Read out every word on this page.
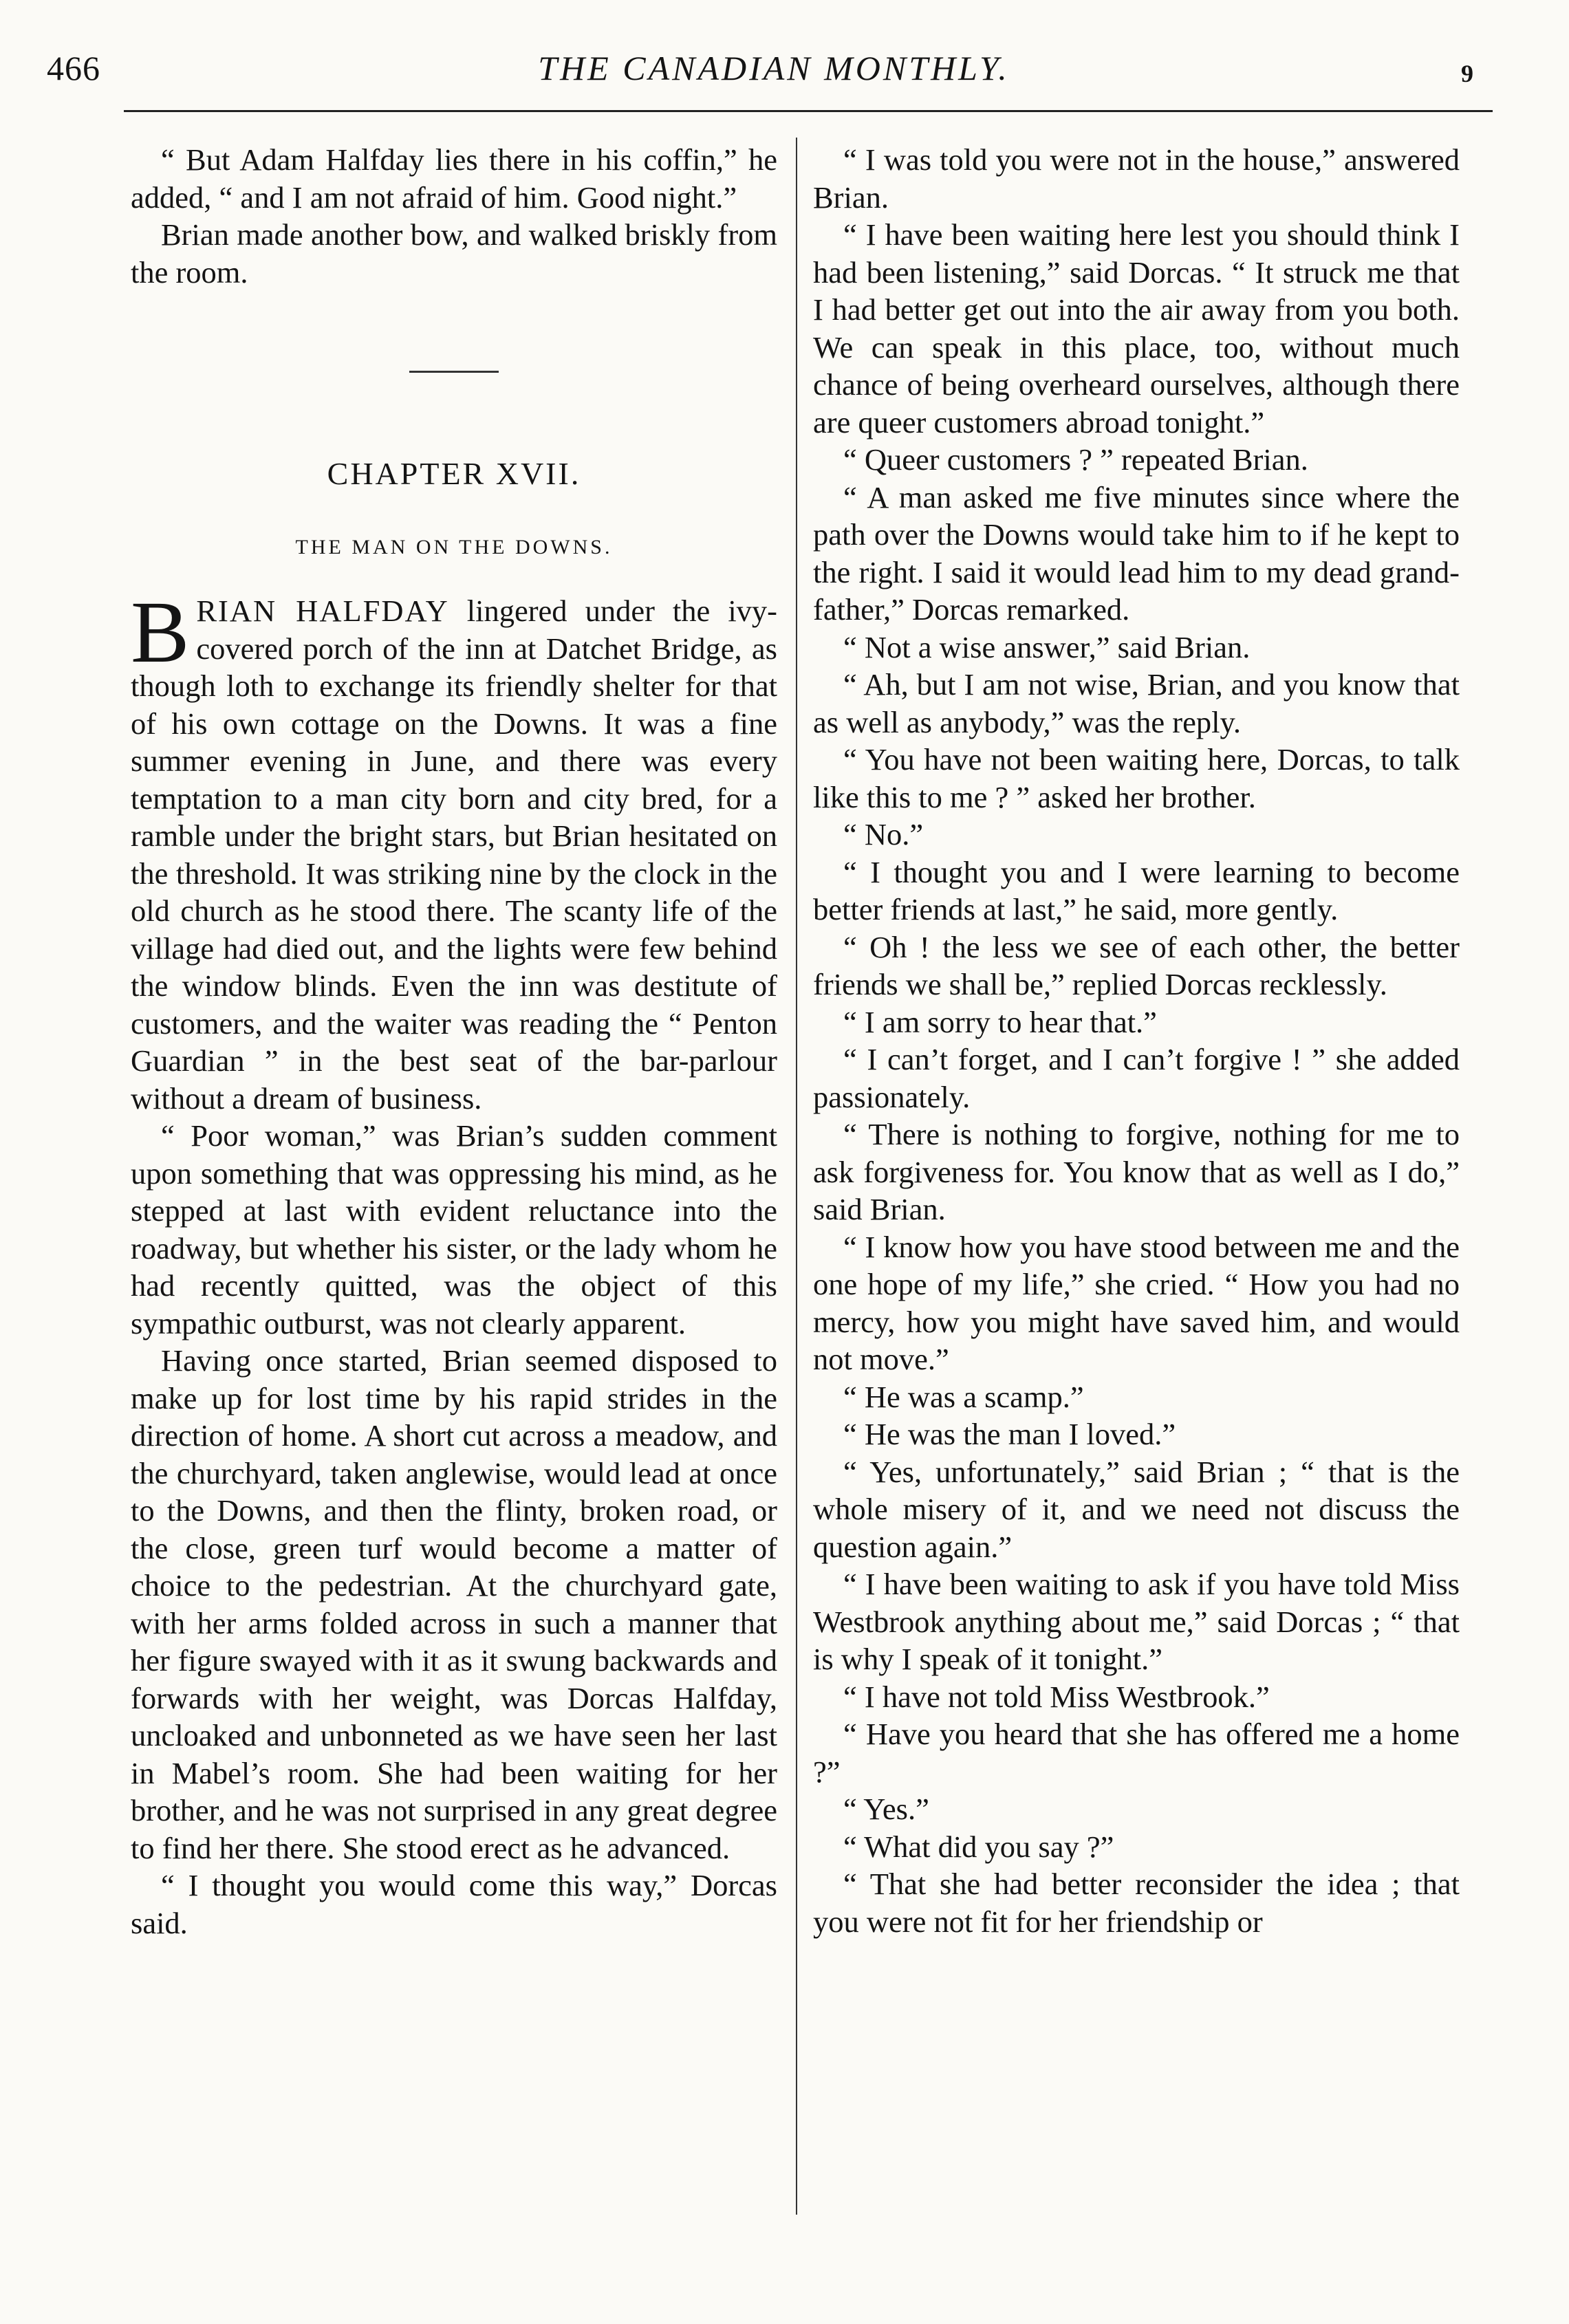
466	THE CANADIAN MONTHLY.	9

“ But Adam Halfday lies there in his coffin,” he added, “ and I am not afraid of him. Good night.”

Brian made another bow, and walked briskly from the room.

CHAPTER XVII.
THE MAN ON THE DOWNS.

BRIAN HALFDAY lingered under the ivy-covered porch of the inn at Datchet Bridge, as though loth to exchange its friendly shelter for that of his own cottage on the Downs. It was a fine summer evening in June, and there was every temptation to a man city born and city bred, for a ramble under the bright stars, but Brian hesitated on the threshold. It was striking nine by the clock in the old church as he stood there. The scanty life of the village had died out, and the lights were few behind the window blinds. Even the inn was destitute of customers, and the waiter was reading the “ Penton Guardian ” in the best seat of the bar-parlour without a dream of business.

“ Poor woman,” was Brian’s sudden comment upon something that was oppressing his mind, as he stepped at last with evident reluctance into the roadway, but whether his sister, or the lady whom he had recently quitted, was the object of this sympathic outburst, was not clearly apparent.

Having once started, Brian seemed disposed to make up for lost time by his rapid strides in the direction of home. A short cut across a meadow, and the churchyard, taken anglewise, would lead at once to the Downs, and then the flinty, broken road, or the close, green turf would become a matter of choice to the pedestrian. At the churchyard gate, with her arms folded across in such a manner that her figure swayed with it as it swung backwards and forwards with her weight, was Dorcas Halfday, uncloaked and unbonneted as we have seen her last in Mabel’s room. She had been waiting for her brother, and he was not surprised in any great degree to find her there. She stood erect as he advanced.

“ I thought you would come this way,” Dorcas said.

“ I was told you were not in the house,” answered Brian.

“ I have been waiting here lest you should think I had been listening,” said Dorcas. “ It struck me that I had better get out into the air away from you both. We can speak in this place, too, without much chance of being overheard ourselves, although there are queer customers abroad tonight.”

“ Queer customers ? ” repeated Brian.

“ A man asked me five minutes since where the path over the Downs would take him to if he kept to the right. I said it would lead him to my dead grandfather,” Dorcas remarked.

“ Not a wise answer,” said Brian.

“ Ah, but I am not wise, Brian, and you know that as well as anybody,” was the reply.

“ You have not been waiting here, Dorcas, to talk like this to me ? ” asked her brother.

“ No.”

“ I thought you and I were learning to become better friends at last,” he said, more gently.

“ Oh ! the less we see of each other, the better friends we shall be,” replied Dorcas recklessly.

“ I am sorry to hear that.”

“ I can’t forget, and I can’t forgive ! ” she added passionately.

“ There is nothing to forgive, nothing for me to ask forgiveness for. You know that as well as I do,” said Brian.

“ I know how you have stood between me and the one hope of my life,” she cried. “ How you had no mercy, how you might have saved him, and would not move.”

“ He was a scamp.”

“ He was the man I loved.”

“ Yes, unfortunately,” said Brian ; “ that is the whole misery of it, and we need not discuss the question again.”

“ I have been waiting to ask if you have told Miss Westbrook anything about me,” said Dorcas ; “ that is why I speak of it tonight.”

“ I have not told Miss Westbrook.”

“ Have you heard that she has offered me a home ?”

“ Yes.”

“ What did you say ?”

“ That she had better reconsider the idea ; that you were not fit for her friendship or
